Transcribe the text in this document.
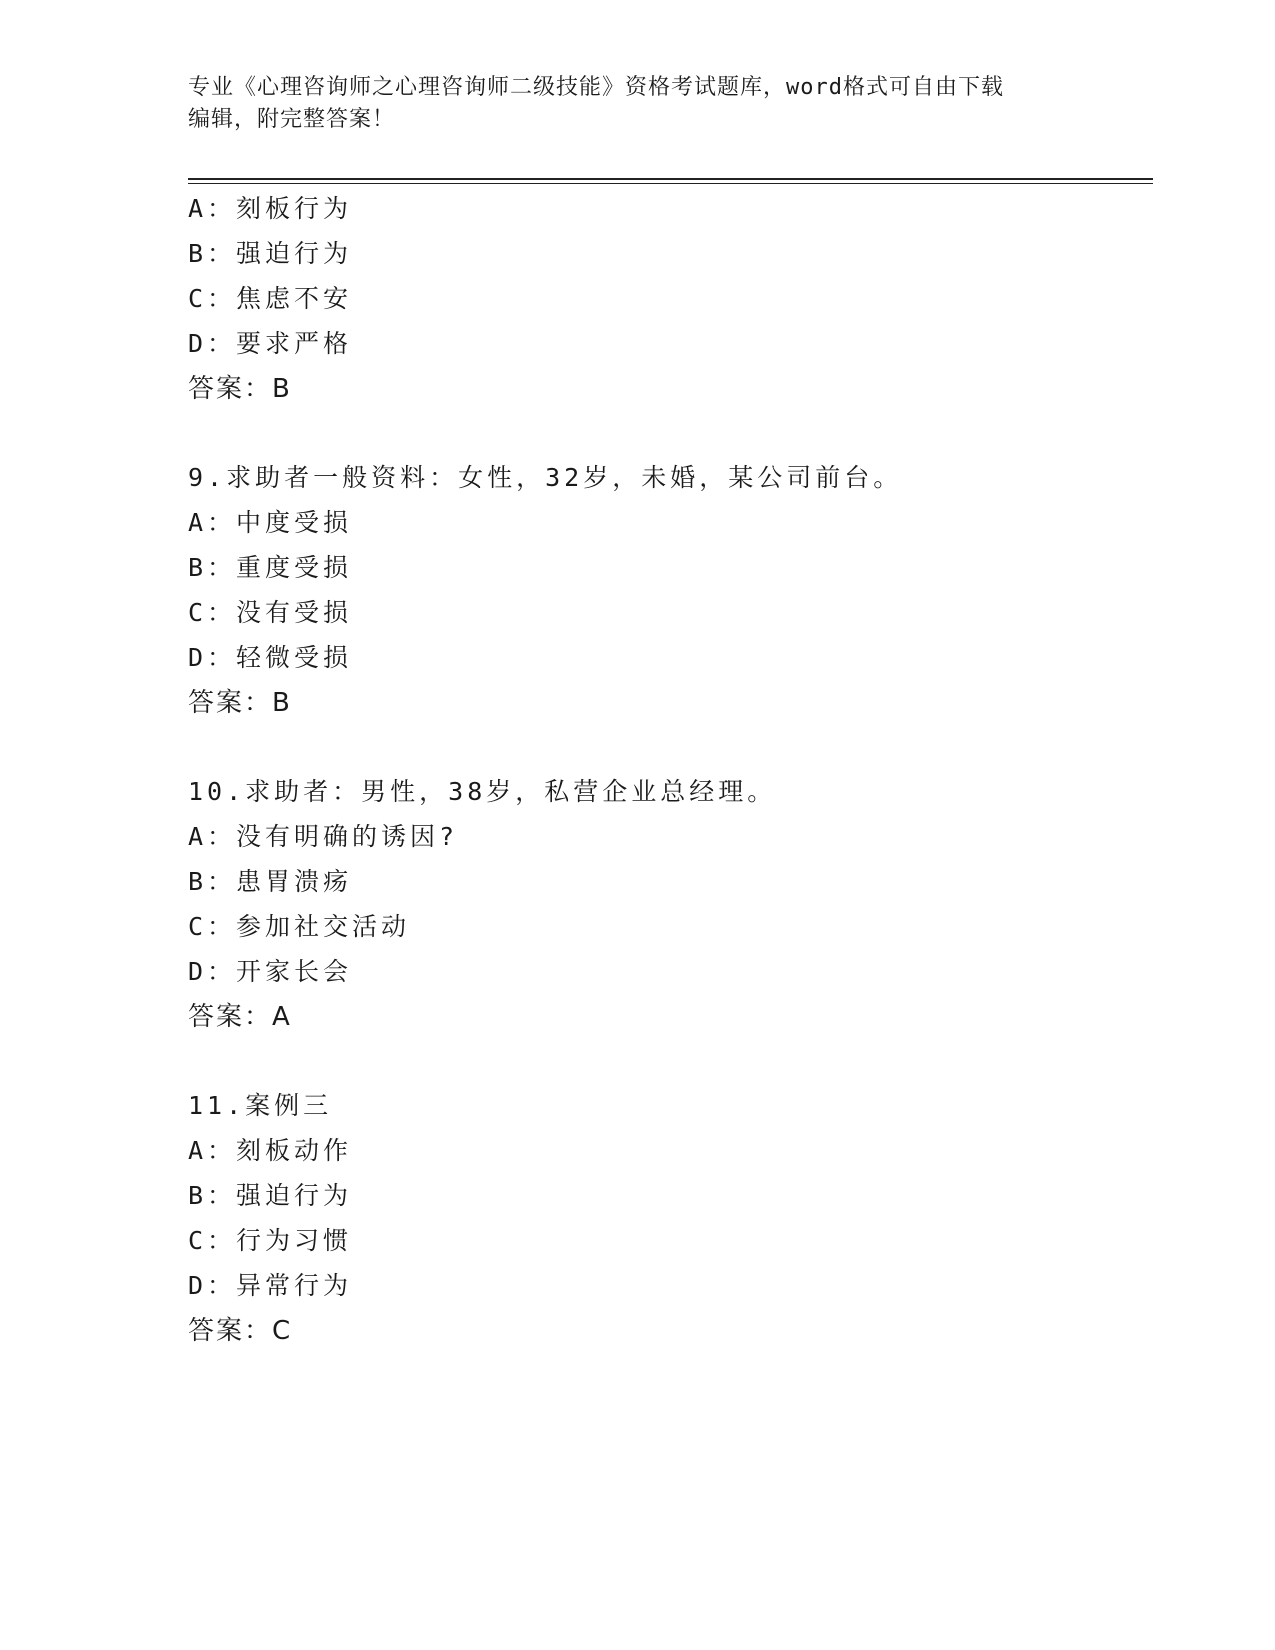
专业《心理咨询师之心理咨询师二级技能》资格考试题库，word格式可自由下载
编辑，附完整答案！
A：刻板行为
B：强迫行为
C：焦虑不安
D：要求严格
答案：B
9.求助者一般资料：女性，32岁，未婚，某公司前台。
A：中度受损
B：重度受损
C：没有受损
D：轻微受损
答案：B
10.求助者：男性，38岁，私营企业总经理。
A：没有明确的诱因?
B：患胃溃疡
C：参加社交活动
D：开家长会
答案：A
11.案例三
A：刻板动作
B：强迫行为
C：行为习惯
D：异常行为
答案：C
